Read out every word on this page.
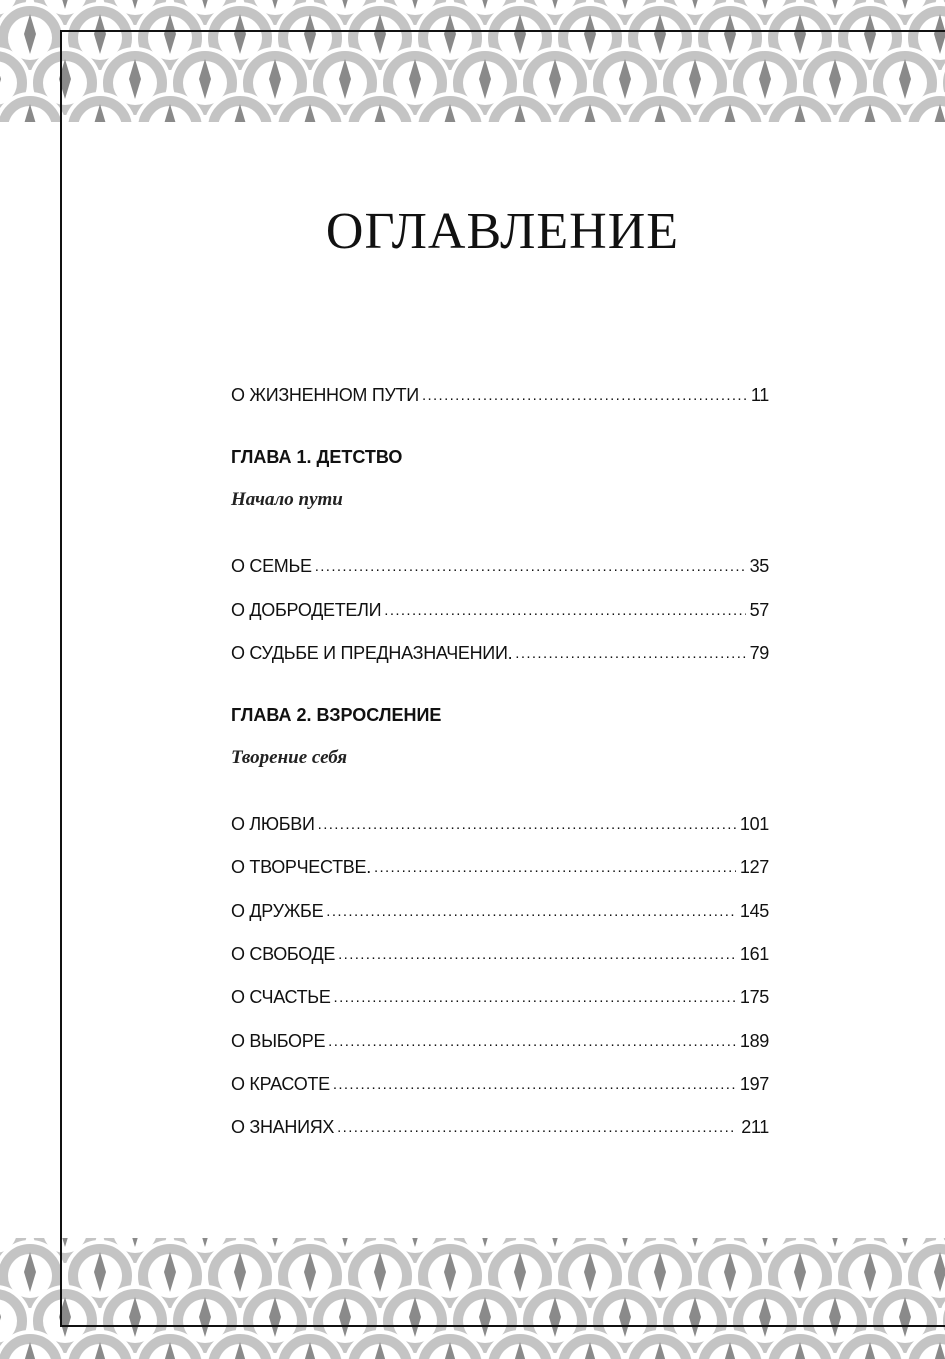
ОГЛАВЛЕНИЕ
О ЖИЗНЕННОМ ПУТИ . . .	11
ГЛАВА 1. ДЕТСТВО
Начало пути
О СЕМЬЕ . . .	35
О ДОБРОДЕТЕЛИ . . .	57
О СУДЬБЕ И ПРЕДНАЗНАЧЕНИИ. . . .	79
ГЛАВА 2. ВЗРОСЛЕНИЕ
Творение себя
О ЛЮБВИ . . .	101
О ТВОРЧЕСТВЕ. . . .	127
О ДРУЖБЕ . . .	145
О СВОБОДЕ . . .	161
О СЧАСТЬЕ . . .	175
О ВЫБОРЕ . . .	189
О КРАСОТЕ . . .	197
О ЗНАНИЯХ . . .	211
